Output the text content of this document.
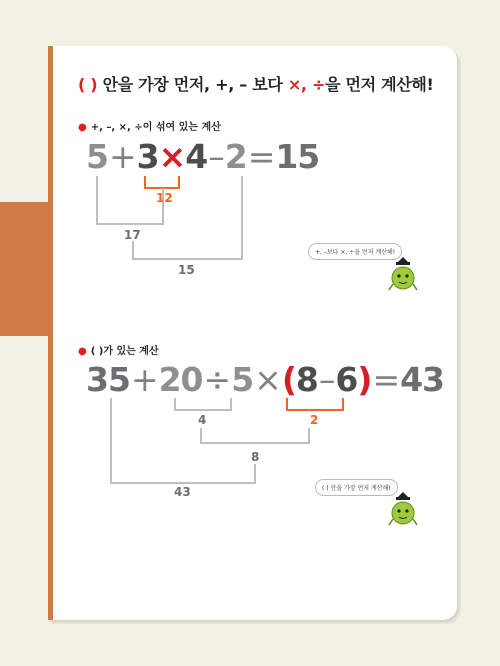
( ) 안을 가장 먼저, +, – 보다 ×, ÷을 먼저 계산해!
● +, –, ×, ÷이 섞여 있는 계산
5+3×4–2=15
12
17
15
+, –보다 ×, ÷을 먼저 계산해!
● ( )가 있는 계산
35+20÷5×(8–6)=43
4	2
8
43	( ) 안을 가장 먼저 계산해!
